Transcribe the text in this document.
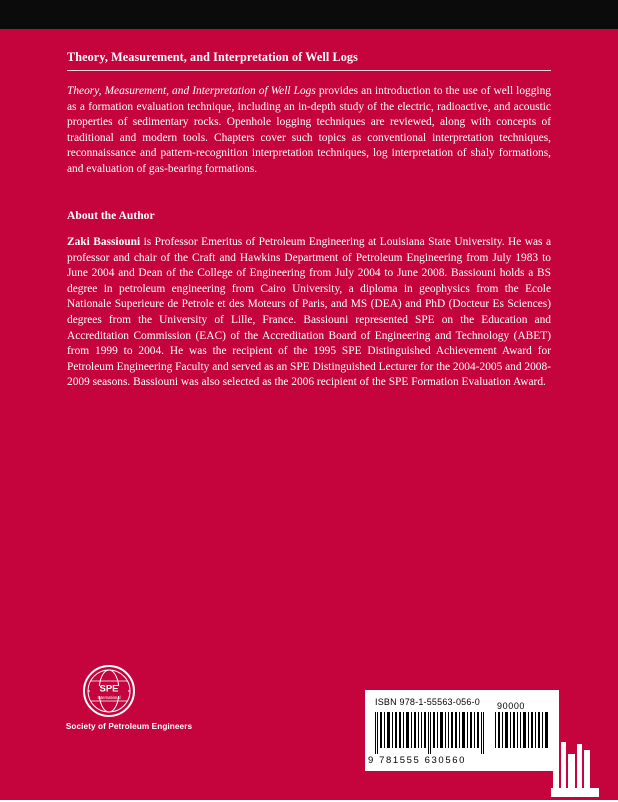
Theory, Measurement, and Interpretation of Well Logs
Theory, Measurement, and Interpretation of Well Logs provides an introduction to the use of well logging as a formation evaluation technique, including an in-depth study of the electric, radioactive, and acoustic properties of sedimentary rocks. Openhole logging techniques are reviewed, along with concepts of traditional and modern tools. Chapters cover such topics as conventional interpretation techniques, reconnaissance and pattern-recognition interpretation techniques, log interpretation of shaly formations, and evaluation of gas-bearing formations.
About the Author
Zaki Bassiouni is Professor Emeritus of Petroleum Engineering at Louisiana State University. He was a professor and chair of the Craft and Hawkins Department of Petroleum Engineering from July 1983 to June 2004 and Dean of the College of Engineering from July 2004 to June 2008. Bassiouni holds a BS degree in petroleum engineering from Cairo University, a diploma in geophysics from the Ecole Nationale Superieure de Petrole et des Moteurs of Paris, and MS (DEA) and PhD (Docteur Es Sciences) degrees from the University of Lille, France. Bassiouni represented SPE on the Education and Accreditation Commission (EAC) of the Accreditation Board of Engineering and Technology (ABET) from 1999 to 2004. He was the recipient of the 1995 SPE Distinguished Achievement Award for Petroleum Engineering Faculty and served as an SPE Distinguished Lecturer for the 2004-2005 and 2008-2009 seasons. Bassiouni was also selected as the 2006 recipient of the SPE Formation Evaluation Award.
SPE
International
Society of Petroleum Engineers
ISBN 978-1-55563-056-0 90000
9 781555 630560
